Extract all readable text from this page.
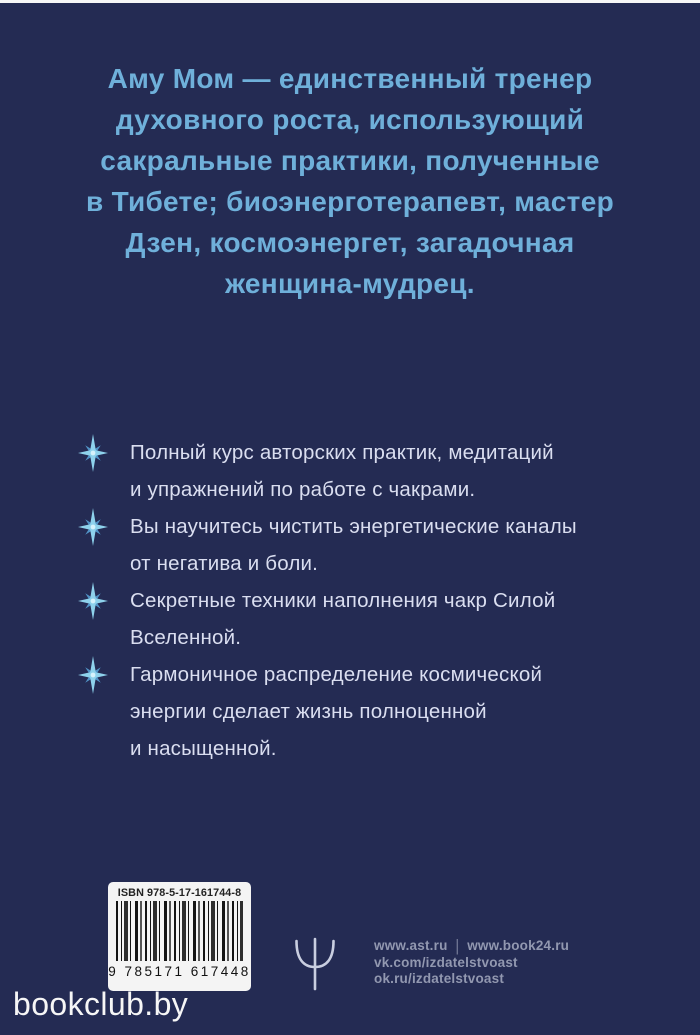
Аму Мом — единственный тренер
духовного роста, использующий
сакральные практики, полученные
в Тибете; биоэнерготерапевт, мастер
Дзен, космоэнергет, загадочная
женщина-мудрец.
Полный курс авторских практик, медитаций
и упражнений по работе с чакрами.
Вы научитесь чистить энергетические каналы
от негатива и боли.
Секретные техники наполнения чакр Силой
Вселенной.
Гармоничное распределение космической
энергии сделает жизнь полноценной
и насыщенной.
ISBN 978-5-17-161744-8
9 785171 617448
www.ast.ru | www.book24.ru
vk.com/izdatelstvoast
ok.ru/izdatelstvoast
bookclub.by
